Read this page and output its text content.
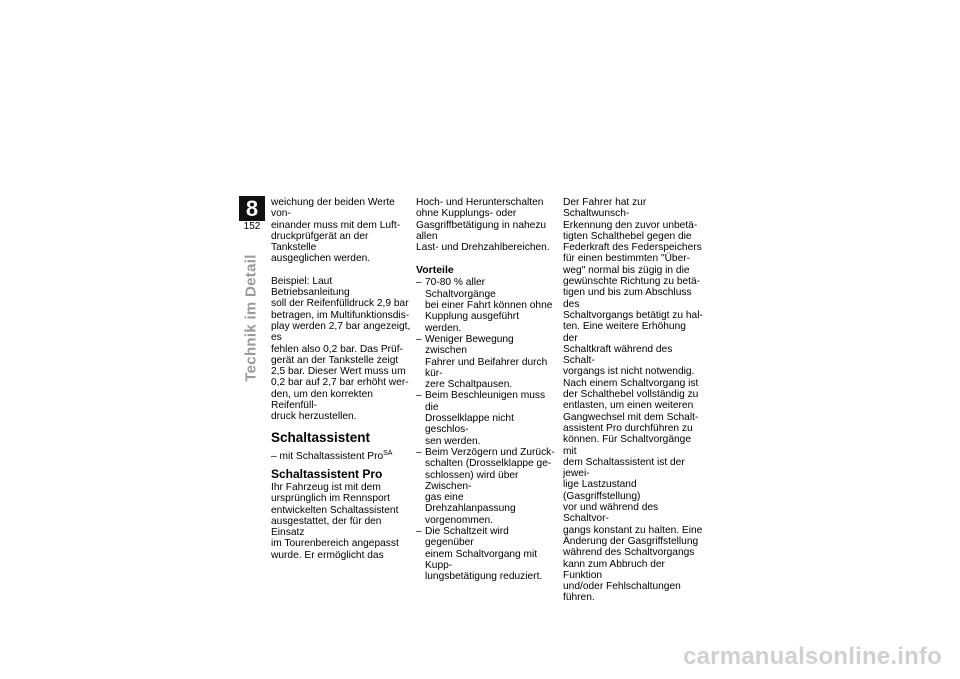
8
152
Technik im Detail

weichung der beiden Werte von-
einander muss mit dem Luft-
druckprüfgerät an der Tankstelle
ausgeglichen werden.

Beispiel: Laut Betriebsanleitung
soll der Reifenfülldruck 2,9 bar
betragen, im Multifunktionsdis-
play werden 2,7 bar angezeigt, es
fehlen also 0,2 bar. Das Prüf-
gerät an der Tankstelle zeigt
2,5 bar. Dieser Wert muss um
0,2 bar auf 2,7 bar erhöht wer-
den, um den korrekten Reifenfüll-
druck herzustellen.

Schaltassistent

– mit Schaltassistent Pro$^{SA}$

Schaltassistent Pro

Ihr Fahrzeug ist mit dem
ursprünglich im Rennsport
entwickelten Schaltassistent
ausgestattet, der für den Einsatz
im Tourenbereich angepasst
wurde. Er ermöglicht das

Hoch- und Herunterschalten
ohne Kupplungs- oder
Gasgriffbetätigung in nahezu allen
Last- und Drehzahlbereichen.

Vorteile
– 70-80 % aller Schaltvorgänge
bei einer Fahrt können ohne
Kupplung ausgeführt werden.
– Weniger Bewegung zwischen
Fahrer und Beifahrer durch kür-
zere Schaltpausen.
– Beim Beschleunigen muss die
Drosselklappe nicht geschlos-
sen werden.
– Beim Verzögern und Zurück-
schalten (Drosselklappe ge-
schlossen) wird über Zwischen-
gas eine Drehzahlanpassung
vorgenommen.
– Die Schaltzeit wird gegenüber
einem Schaltvorgang mit Kupp-
lungsbetätigung reduziert.

Der Fahrer hat zur Schaltwunsch-
Erkennung den zuvor unbetä-
tigten Schalthebel gegen die
Federkraft des Federspeichers
für einen bestimmten "Über-
weg" normal bis zügig in die
gewünschte Richtung zu betä-
tigen und bis zum Abschluss des
Schaltvorgangs betätigt zu hal-
ten. Eine weitere Erhöhung der
Schaltkraft während des Schalt-
vorgangs ist nicht notwendig.
Nach einem Schaltvorgang ist
der Schalthebel vollständig zu
entlasten, um einen weiteren
Gangwechsel mit dem Schalt-
assistent Pro durchführen zu
können. Für Schaltvorgänge mit
dem Schaltassistent ist der jewei-
lige Lastzustand (Gasgriffstellung)
vor und während des Schaltvor-
gangs konstant zu halten. Eine
Änderung der Gasgriffstellung
während des Schaltvorgangs
kann zum Abbruch der Funktion
und/oder Fehlschaltungen führen.

carmanualsonline.info
